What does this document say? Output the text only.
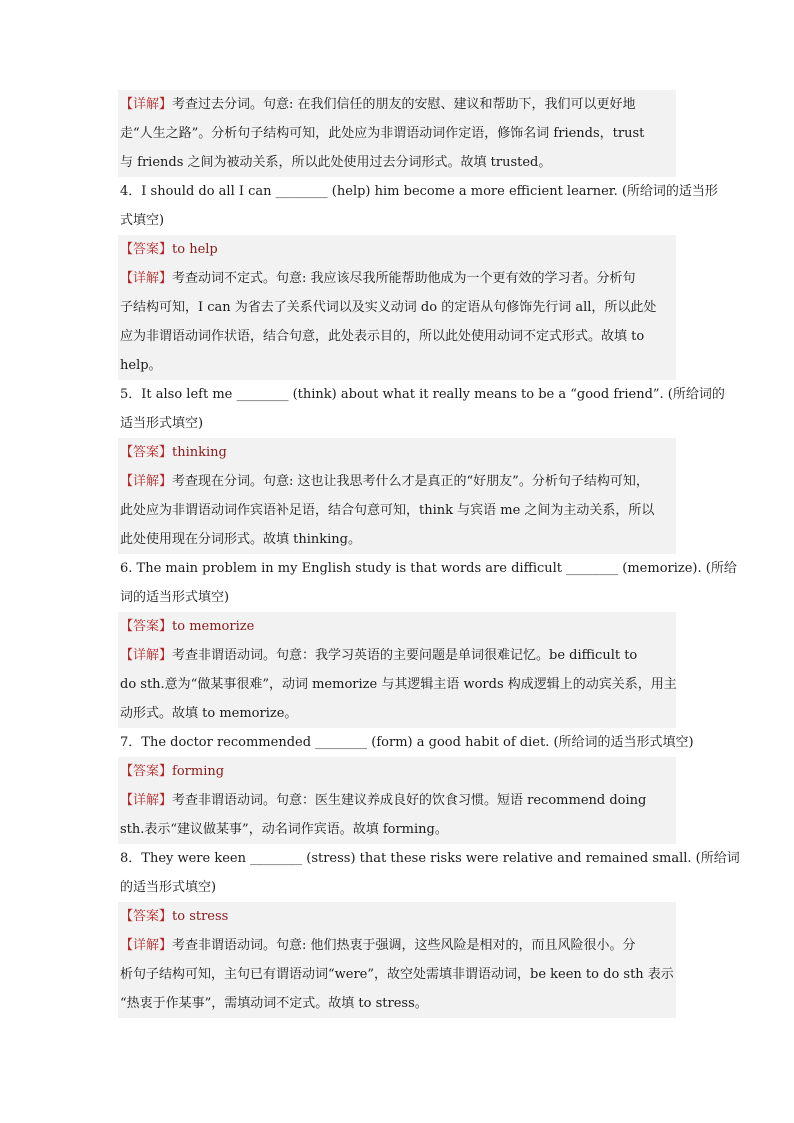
【详解】考查过去分词。句意: 在我们信任的朋友的安慰、建议和帮助下，我们可以更好地
走“人生之路”。分析句子结构可知，此处应为非谓语动词作定语，修饰名词 friends，trust
与 friends 之间为被动关系，所以此处使用过去分词形式。故填 trusted。
4．I should do all I can ________ (help) him become a more efficient learner. (所给词的适当形
式填空)
【答案】to help
【详解】考查动词不定式。句意: 我应该尽我所能帮助他成为一个更有效的学习者。分析句
子结构可知，I can 为省去了关系代词以及实义动词 do 的定语从句修饰先行词 all，所以此处
应为非谓语动词作状语，结合句意，此处表示目的，所以此处使用动词不定式形式。故填 to
help。
5．It also left me ________ (think) about what it really means to be a “good friend”. (所给词的
适当形式填空)
【答案】thinking
【详解】考查现在分词。句意: 这也让我思考什么才是真正的“好朋友”。分析句子结构可知，
此处应为非谓语动词作宾语补足语，结合句意可知，think 与宾语 me 之间为主动关系，所以
此处使用现在分词形式。故填 thinking。
6. The main problem in my English study is that words are difficult ________ (memorize). (所给
词的适当形式填空)
【答案】to memorize
【详解】考查非谓语动词。句意：我学习英语的主要问题是单词很难记忆。be difficult to
do sth.意为“做某事很难”，动词 memorize 与其逻辑主语 words 构成逻辑上的动宾关系，用主
动形式。故填 to memorize。
7．The doctor recommended ________ (form) a good habit of diet. (所给词的适当形式填空)
【答案】forming
【详解】考查非谓语动词。句意：医生建议养成良好的饮食习惯。短语 recommend doing
sth.表示“建议做某事”，动名词作宾语。故填 forming。
8．They were keen ________ (stress) that these risks were relative and remained small. (所给词
的适当形式填空)
【答案】to stress
【详解】考查非谓语动词。句意: 他们热衷于强调，这些风险是相对的，而且风险很小。分
析句子结构可知，主句已有谓语动词“were”，故空处需填非谓语动词，be keen to do sth 表示
“热衷于作某事”，需填动词不定式。故填 to stress。
